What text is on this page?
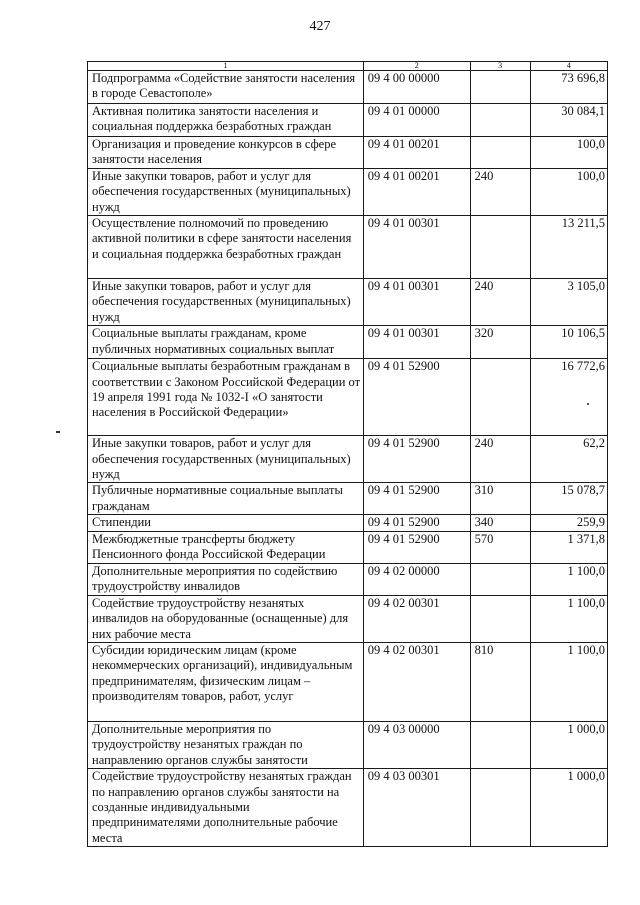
427
1	2	3	4
Подпрограмма «Содействие занятости населения в городе Севастополе»	09 4 00 00000		73 696,8
Активная политика занятости населения и социальная поддержка безработных граждан	09 4 01 00000		30 084,1
Организация и проведение конкурсов в сфере занятости населения	09 4 01 00201		100,0
Иные закупки товаров, работ и услуг для обеспечения государственных (муниципальных) нужд	09 4 01 00201	240	100,0
Осуществление полномочий по проведению активной политики в сфере занятости населения и социальная поддержка безработных граждан	09 4 01 00301		13 211,5
Иные закупки товаров, работ и услуг для обеспечения государственных (муниципальных) нужд	09 4 01 00301	240	3 105,0
Социальные выплаты гражданам, кроме публичных нормативных социальных выплат	09 4 01 00301	320	10 106,5
Социальные выплаты безработным гражданам в соответствии с Законом Российской Федерации от 19 апреля 1991 года № 1032-I «О занятости населения в Российской Федерации»	09 4 01 52900		16 772,6
Иные закупки товаров, работ и услуг для обеспечения государственных (муниципальных) нужд	09 4 01 52900	240	62,2
Публичные нормативные социальные выплаты гражданам	09 4 01 52900	310	15 078,7
Стипендии	09 4 01 52900	340	259,9
Межбюджетные трансферты бюджету Пенсионного фонда Российской Федерации	09 4 01 52900	570	1 371,8
Дополнительные мероприятия по содействию трудоустройству инвалидов	09 4 02 00000		1 100,0
Содействие трудоустройству незанятых инвалидов на оборудованные (оснащенные) для них рабочие места	09 4 02 00301		1 100,0
Субсидии юридическим лицам (кроме некоммерческих организаций), индивидуальным предпринимателям, физическим лицам – производителям товаров, работ, услуг	09 4 02 00301	810	1 100,0
Дополнительные мероприятия по трудоустройству незанятых граждан по направлению органов службы занятости	09 4 03 00000		1 000,0
Содействие трудоустройству незанятых граждан по направлению органов службы занятости на созданные индивидуальными предпринимателями дополнительные рабочие места	09 4 03 00301		1 000,0
